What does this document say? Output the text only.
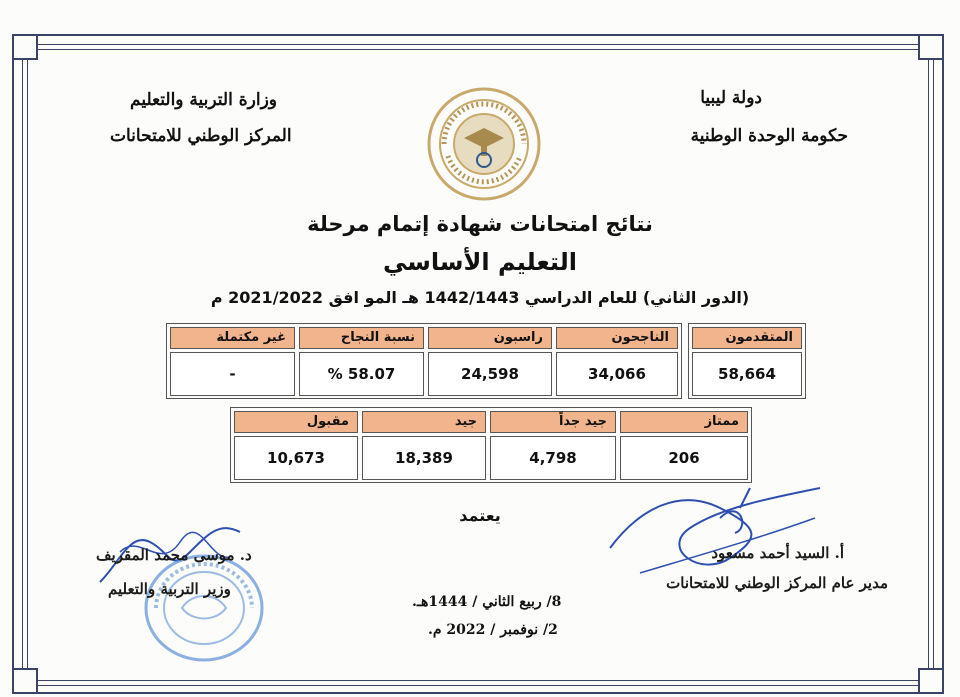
دولة ليبيا
حكومة الوحدة الوطنية
وزارة التربية والتعليم
المركز الوطني للامتحانات
نتائج امتحانات شهادة إتمام مرحلة
التعليم الأساسي
(الدور الثاني) للعام الدراسي 1442/1443 هـ المو افق 2021/2022 م
المتقدمون
الناجحون
راسبون
نسبة النجاح
غير مكتملة
58,664
34,066
24,598
% 58.07
-
ممتاز
جيد جداً
جيد
مقبول
206
4,798
18,389
10,673
يعتمد
أ. السيد أحمد مسعود
مدير عام المركز الوطني للامتحانات
د. موسى محمد المقريف
وزير التربية والتعليم
8/ ربيع الثاني / 1444هـ.
2/ نوفمبر / 2022 م.
